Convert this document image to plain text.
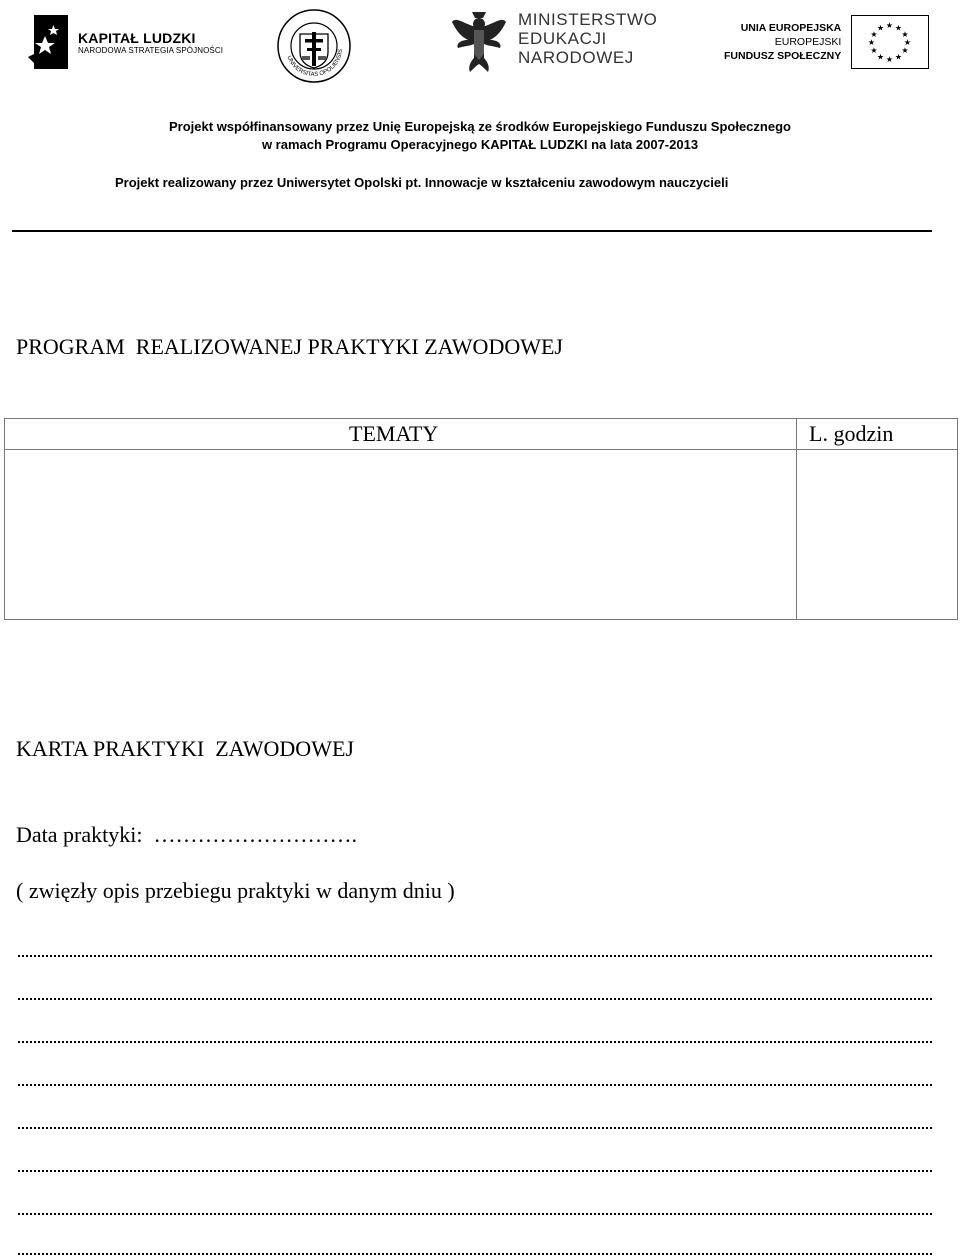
KAPITAŁ LUDZKI
NARODOWA STRATEGIA SPÓJNOŚCI
UNIVERSITAS OPOLIENSIS
MINISTERSTWO
EDUKACJI
NARODOWEJ
UNIA EUROPEJSKA
EUROPEJSKI
FUNDUSZ SPOŁECZNY
★ ★
★
★
★
★
★
★
★
★
★
★
Projekt współfinansowany przez Unię Europejską ze środków Europejskiego Funduszu Społecznego
w ramach Programu Operacyjnego KAPITAŁ LUDZKI na lata 2007-2013
Projekt realizowany przez Uniwersytet Opolski pt. Innowacje w kształceniu zawodowym nauczycieli
PROGRAM  REALIZOWANEJ PRAKTYKI ZAWODOWEJ
TEMATY	L. godzin
KARTA PRAKTYKI  ZAWODOWEJ
Data praktyki:  ……………………….
( zwięzły opis przebiegu praktyki w danym dniu )
